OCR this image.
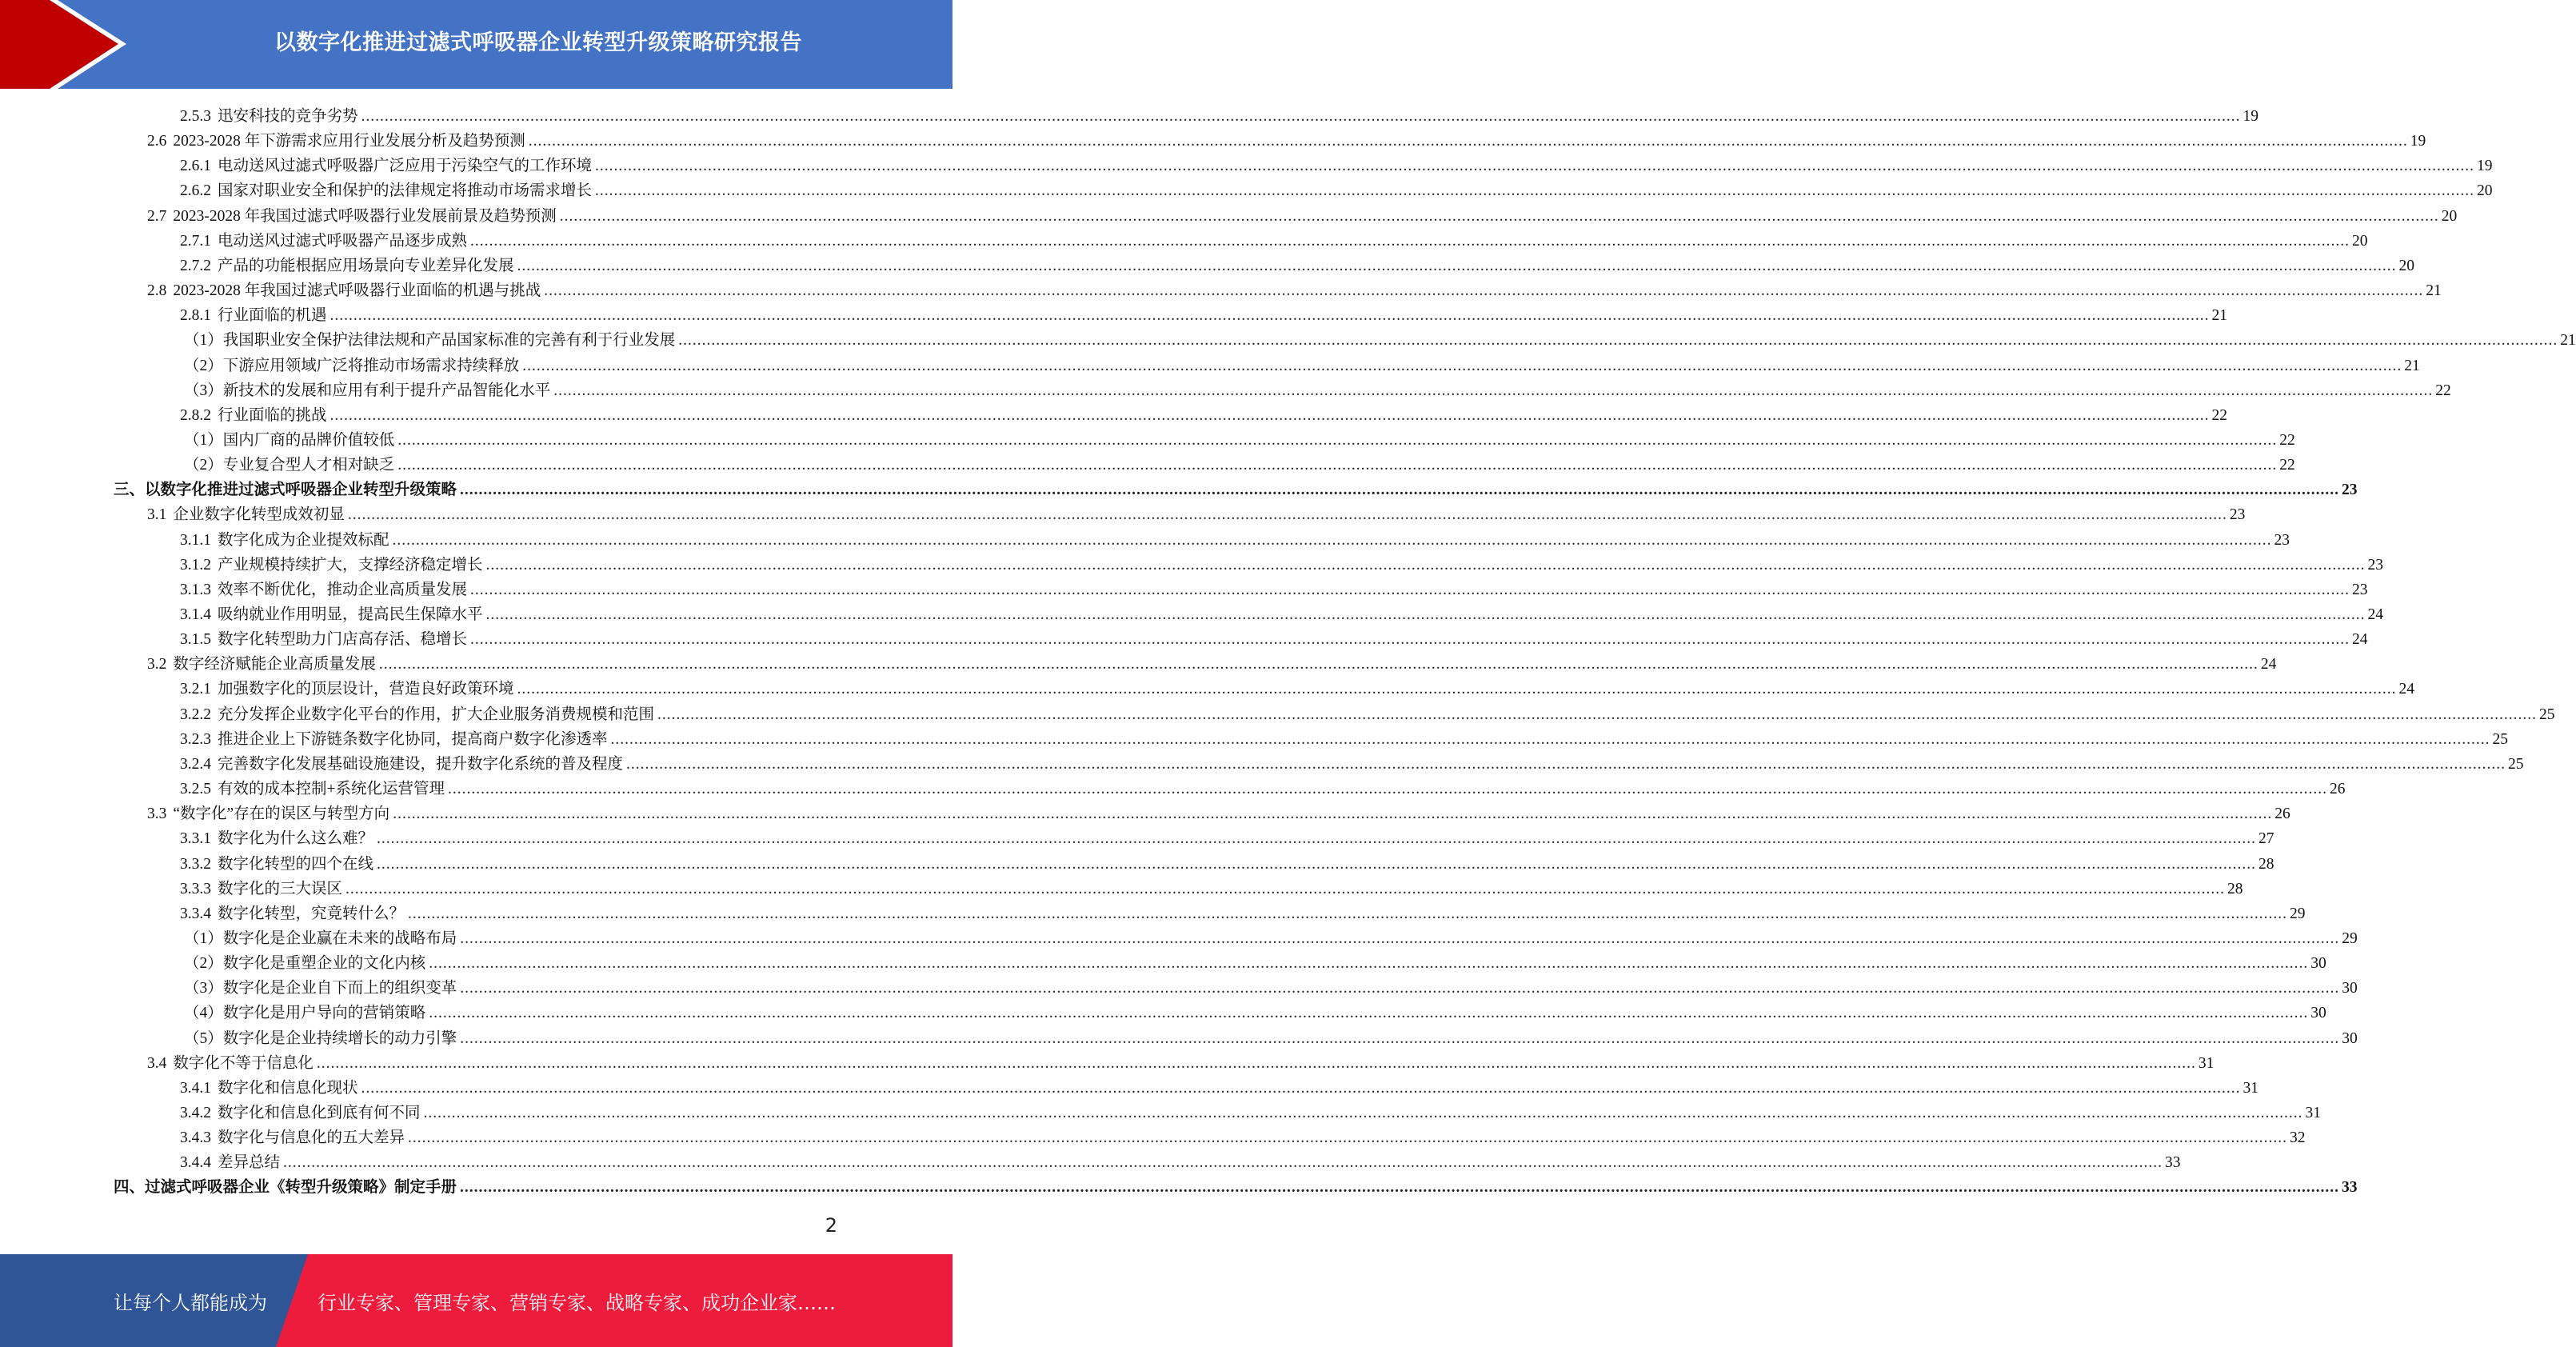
以数字化推进过滤式呼吸器企业转型升级策略研究报告
2.5.3 迅安科技的竞争劣势 ................................................................................................................................................................................................................................................................................................................................................................................................................ 19
2.6 2023-2028 年下游需求应用行业发展分析及趋势预测 ................................................................................................................................................................................................................................................................................................................................................................................................................ 19
2.6.1 电动送风过滤式呼吸器广泛应用于污染空气的工作环境 ................................................................................................................................................................................................................................................................................................................................................................................................................ 19
2.6.2 国家对职业安全和保护的法律规定将推动市场需求增长 ................................................................................................................................................................................................................................................................................................................................................................................................................ 20
2.7 2023-2028 年我国过滤式呼吸器行业发展前景及趋势预测 ................................................................................................................................................................................................................................................................................................................................................................................................................ 20
2.7.1 电动送风过滤式呼吸器产品逐步成熟 ................................................................................................................................................................................................................................................................................................................................................................................................................ 20
2.7.2 产品的功能根据应用场景向专业差异化发展 ................................................................................................................................................................................................................................................................................................................................................................................................................ 20
2.8 2023-2028 年我国过滤式呼吸器行业面临的机遇与挑战 ................................................................................................................................................................................................................................................................................................................................................................................................................ 21
2.8.1 行业面临的机遇 ................................................................................................................................................................................................................................................................................................................................................................................................................ 21
（1） 我国职业安全保护法律法规和产品国家标准的完善有利于行业发展 ................................................................................................................................................................................................................................................................................................................................................................................................................ 21
（2） 下游应用领域广泛将推动市场需求持续释放 ................................................................................................................................................................................................................................................................................................................................................................................................................ 21
（3） 新技术的发展和应用有利于提升产品智能化水平 ................................................................................................................................................................................................................................................................................................................................................................................................................ 22
2.8.2 行业面临的挑战 ................................................................................................................................................................................................................................................................................................................................................................................................................ 22
（1） 国内厂商的品牌价值较低 ................................................................................................................................................................................................................................................................................................................................................................................................................ 22
（2） 专业复合型人才相对缺乏 ................................................................................................................................................................................................................................................................................................................................................................................................................ 22
三、 以数字化推进过滤式呼吸器企业转型升级策略 ................................................................................................................................................................................................................................................................................................................................................................................................................ 23
3.1 企业数字化转型成效初显 ................................................................................................................................................................................................................................................................................................................................................................................................................ 23
3.1.1 数字化成为企业提效标配 ................................................................................................................................................................................................................................................................................................................................................................................................................ 23
3.1.2 产业规模持续扩大，支撑经济稳定增长 ................................................................................................................................................................................................................................................................................................................................................................................................................ 23
3.1.3 效率不断优化，推动企业高质量发展 ................................................................................................................................................................................................................................................................................................................................................................................................................ 23
3.1.4 吸纳就业作用明显，提高民生保障水平 ................................................................................................................................................................................................................................................................................................................................................................................................................ 24
3.1.5 数字化转型助力门店高存活、稳增长 ................................................................................................................................................................................................................................................................................................................................................................................................................ 24
3.2 数字经济赋能企业高质量发展 ................................................................................................................................................................................................................................................................................................................................................................................................................ 24
3.2.1 加强数字化的顶层设计，营造良好政策环境 ................................................................................................................................................................................................................................................................................................................................................................................................................ 24
3.2.2 充分发挥企业数字化平台的作用，扩大企业服务消费规模和范围 ................................................................................................................................................................................................................................................................................................................................................................................................................ 25
3.2.3 推进企业上下游链条数字化协同，提高商户数字化渗透率 ................................................................................................................................................................................................................................................................................................................................................................................................................ 25
3.2.4 完善数字化发展基础设施建设，提升数字化系统的普及程度 ................................................................................................................................................................................................................................................................................................................................................................................................................ 25
3.2.5 有效的成本控制+系统化运营管理 ................................................................................................................................................................................................................................................................................................................................................................................................................ 26
3.3 “数字化”存在的误区与转型方向 ................................................................................................................................................................................................................................................................................................................................................................................................................ 26
3.3.1 数字化为什么这么难？ ................................................................................................................................................................................................................................................................................................................................................................................................................ 27
3.3.2 数字化转型的四个在线 ................................................................................................................................................................................................................................................................................................................................................................................................................ 28
3.3.3 数字化的三大误区 ................................................................................................................................................................................................................................................................................................................................................................................................................ 28
3.3.4 数字化转型，究竟转什么？ ................................................................................................................................................................................................................................................................................................................................................................................................................ 29
（1） 数字化是企业赢在未来的战略布局 ................................................................................................................................................................................................................................................................................................................................................................................................................ 29
（2） 数字化是重塑企业的文化内核 ................................................................................................................................................................................................................................................................................................................................................................................................................ 30
（3） 数字化是企业自下而上的组织变革 ................................................................................................................................................................................................................................................................................................................................................................................................................ 30
（4） 数字化是用户导向的营销策略 ................................................................................................................................................................................................................................................................................................................................................................................................................ 30
（5） 数字化是企业持续增长的动力引擎 ................................................................................................................................................................................................................................................................................................................................................................................................................ 30
3.4 数字化不等于信息化 ................................................................................................................................................................................................................................................................................................................................................................................................................ 31
3.4.1 数字化和信息化现状 ................................................................................................................................................................................................................................................................................................................................................................................................................ 31
3.4.2 数字化和信息化到底有何不同 ................................................................................................................................................................................................................................................................................................................................................................................................................ 31
3.4.3 数字化与信息化的五大差异 ................................................................................................................................................................................................................................................................................................................................................................................................................ 32
3.4.4 差异总结 ................................................................................................................................................................................................................................................................................................................................................................................................................ 33
四、 过滤式呼吸器企业《转型升级策略》制定手册 ................................................................................................................................................................................................................................................................................................................................................................................................................ 33
2
让每个人都能成为	行业专家、管理专家、营销专家、战略专家、成功企业家……
